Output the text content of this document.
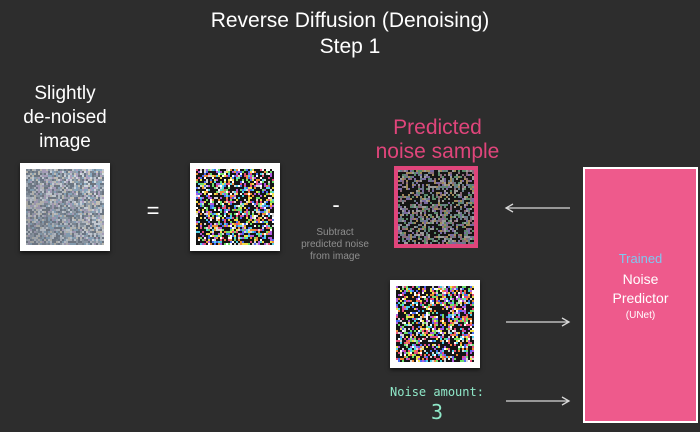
Reverse Diffusion (Denoising)
Step 1
Slightly
de-noised
image
Predicted
noise sample
=	-
Subtract
predicted noise
from image
Noise amount:
3
Trained
Noise
Predictor
(UNet)
